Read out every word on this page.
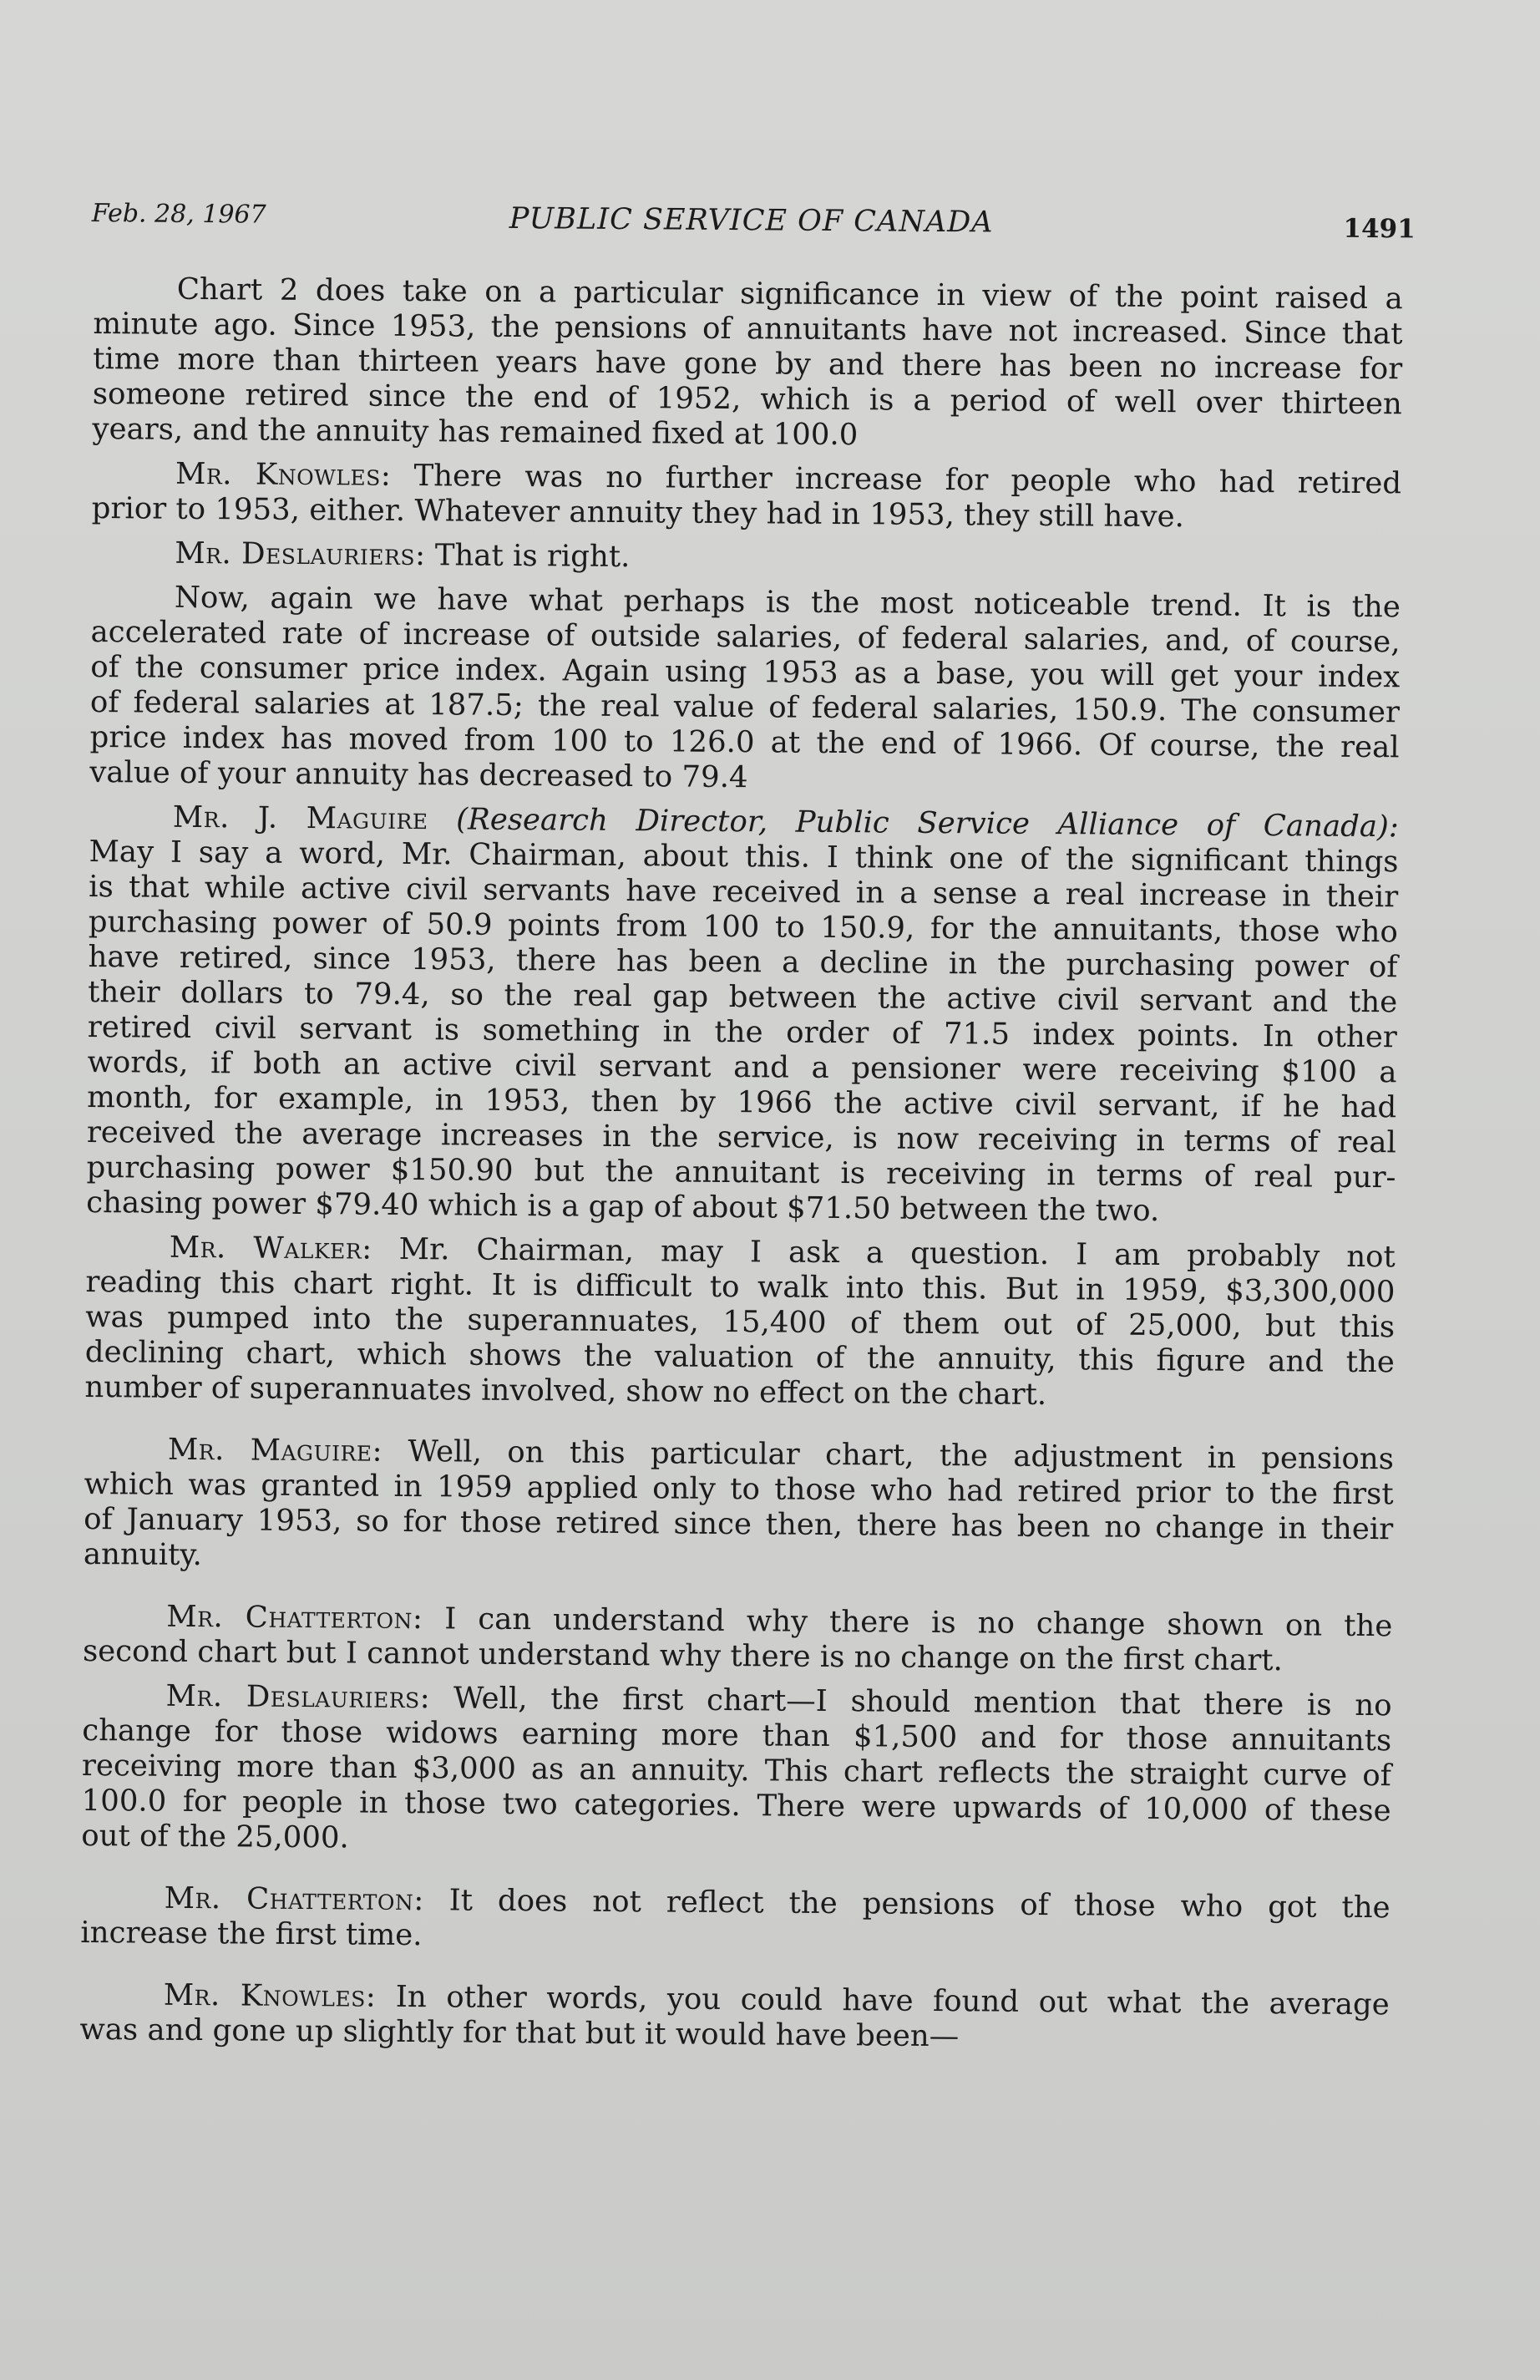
Feb. 28, 1967	PUBLIC SERVICE OF CANADA	1491
Chart 2 does take on a particular significance in view of the point raised a
minute ago. Since 1953, the pensions of annuitants have not increased. Since that
time more than thirteen years have gone by and there has been no increase for
someone retired since the end of 1952, which is a period of well over thirteen
years, and the annuity has remained fixed at 100.0
Mr. Knowles: There was no further increase for people who had retired
prior to 1953, either. Whatever annuity they had in 1953, they still have.
Mr. Deslauriers: That is right.
Now, again we have what perhaps is the most noticeable trend. It is the
accelerated rate of increase of outside salaries, of federal salaries, and, of course,
of the consumer price index. Again using 1953 as a base, you will get your index
of federal salaries at 187.5; the real value of federal salaries, 150.9. The consumer
price index has moved from 100 to 126.0 at the end of 1966. Of course, the real
value of your annuity has decreased to 79.4
Mr. J. Maguire (Research Director, Public Service Alliance of Canada):
May I say a word, Mr. Chairman, about this. I think one of the significant things
is that while active civil servants have received in a sense a real increase in their
purchasing power of 50.9 points from 100 to 150.9, for the annuitants, those who
have retired, since 1953, there has been a decline in the purchasing power of
their dollars to 79.4, so the real gap between the active civil servant and the
retired civil servant is something in the order of 71.5 index points. In other
words, if both an active civil servant and a pensioner were receiving $100 a
month, for example, in 1953, then by 1966 the active civil servant, if he had
received the average increases in the service, is now receiving in terms of real
purchasing power $150.90 but the annuitant is receiving in terms of real pur-
chasing power $79.40 which is a gap of about $71.50 between the two.
Mr. Walker: Mr. Chairman, may I ask a question. I am probably not
reading this chart right. It is difficult to walk into this. But in 1959, $3,300,000
was pumped into the superannuates, 15,400 of them out of 25,000, but this
declining chart, which shows the valuation of the annuity, this figure and the
number of superannuates involved, show no effect on the chart.
Mr. Maguire: Well, on this particular chart, the adjustment in pensions
which was granted in 1959 applied only to those who had retired prior to the first
of January 1953, so for those retired since then, there has been no change in their
annuity.
Mr. Chatterton: I can understand why there is no change shown on the
second chart but I cannot understand why there is no change on the first chart.
Mr. Deslauriers: Well, the first chart—I should mention that there is no
change for those widows earning more than $1,500 and for those annuitants
receiving more than $3,000 as an annuity. This chart reflects the straight curve of
100.0 for people in those two categories. There were upwards of 10,000 of these
out of the 25,000.
Mr. Chatterton: It does not reflect the pensions of those who got the
increase the first time.
Mr. Knowles: In other words, you could have found out what the average
was and gone up slightly for that but it would have been—
